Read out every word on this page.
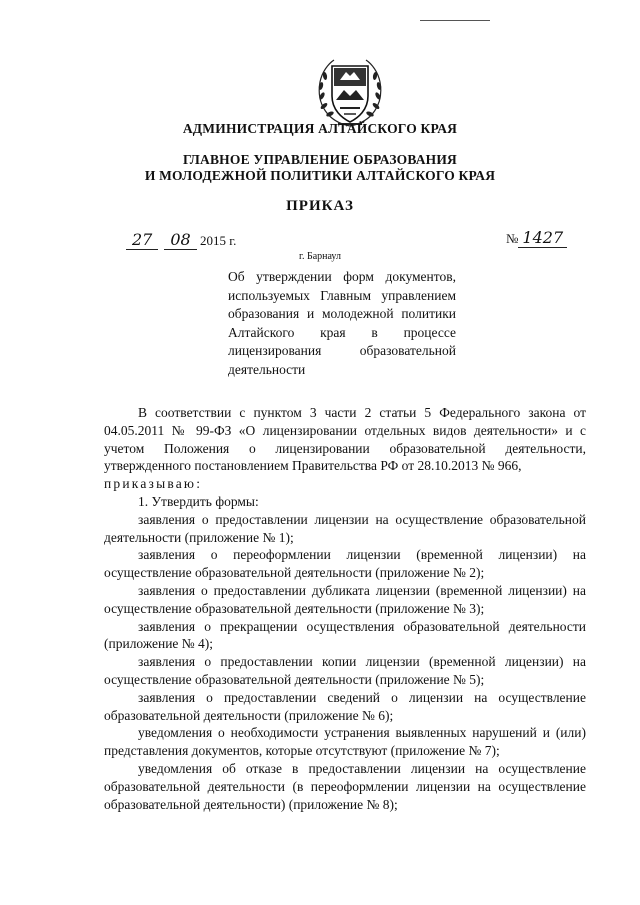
АДМИНИСТРАЦИЯ АЛТАЙСКОГО КРАЯ
ГЛАВНОЕ УПРАВЛЕНИЕ ОБРАЗОВАНИЯ
И МОЛОДЕЖНОЙ ПОЛИТИКИ АЛТАЙСКОГО КРАЯ
ПРИКАЗ
27 08 2015 г.	№ 1427
г. Барнаул
Об утверждении форм документов, используемых Главным управлением образования и молодежной политики Алтайского края в процессе лицензирования образовательной деятельности

В соответствии с пунктом 3 части 2 статьи 5 Федерального закона от 04.05.2011 № 99-ФЗ «О лицензировании отдельных видов деятельности» и с учетом Положения о лицензировании образовательной деятельности, утвержденного постановлением Правительства РФ от 28.10.2013 № 966,

приказываю:

1. Утвердить формы:

заявления о предоставлении лицензии на осуществление образовательной деятельности (приложение № 1);

заявления о переоформлении лицензии (временной лицензии) на осуществление образовательной деятельности (приложение № 2);

заявления о предоставлении дубликата лицензии (временной лицензии) на осуществление образовательной деятельности (приложение № 3);

заявления о прекращении осуществления образовательной деятельности (приложение № 4);

заявления о предоставлении копии лицензии (временной лицензии) на осуществление образовательной деятельности (приложение № 5);

заявления о предоставлении сведений о лицензии на осуществление образовательной деятельности (приложение № 6);

уведомления о необходимости устранения выявленных нарушений и (или) представления документов, которые отсутствуют (приложение № 7);

уведомления об отказе в предоставлении лицензии на осуществление образовательной деятельности (в переоформлении лицензии на осуществление образовательной деятельности) (приложение № 8);
